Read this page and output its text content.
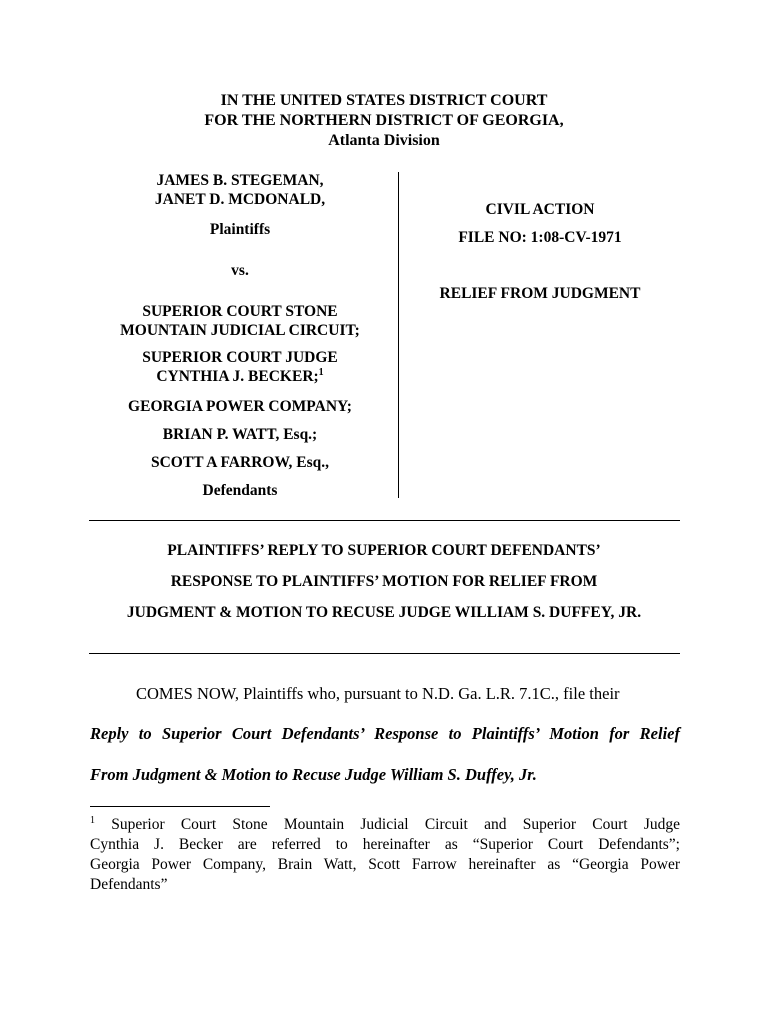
IN THE UNITED STATES DISTRICT COURT
FOR THE NORTHERN DISTRICT OF GEORGIA,
Atlanta Division
JAMES B. STEGEMAN,
JANET D. MCDONALD,
Plaintiffs
vs.
SUPERIOR COURT STONE
MOUNTAIN JUDICIAL CIRCUIT;
SUPERIOR COURT JUDGE
CYNTHIA J. BECKER;$^1$
GEORGIA POWER COMPANY;
BRIAN P. WATT, Esq.;
SCOTT A FARROW, Esq.,
Defendants
CIVIL ACTION
FILE NO: 1:08-CV-1971
RELIEF FROM JUDGMENT
PLAINTIFFS’ REPLY TO SUPERIOR COURT DEFENDANTS’
RESPONSE TO PLAINTIFFS’ MOTION FOR RELIEF FROM
JUDGMENT & MOTION TO RECUSE JUDGE WILLIAM S. DUFFEY, JR.
COMES NOW, Plaintiffs who, pursuant to N.D. Ga. L.R. 7.1C., file their
Reply to Superior Court Defendants’ Response to Plaintiffs’ Motion for Relief
From Judgment & Motion to Recuse Judge William S. Duffey, Jr.
$^1$ Superior Court Stone Mountain Judicial Circuit and Superior Court Judge
Cynthia J. Becker are referred to hereinafter as “Superior Court Defendants”;
Georgia Power Company, Brain Watt, Scott Farrow hereinafter as “Georgia Power
Defendants”
